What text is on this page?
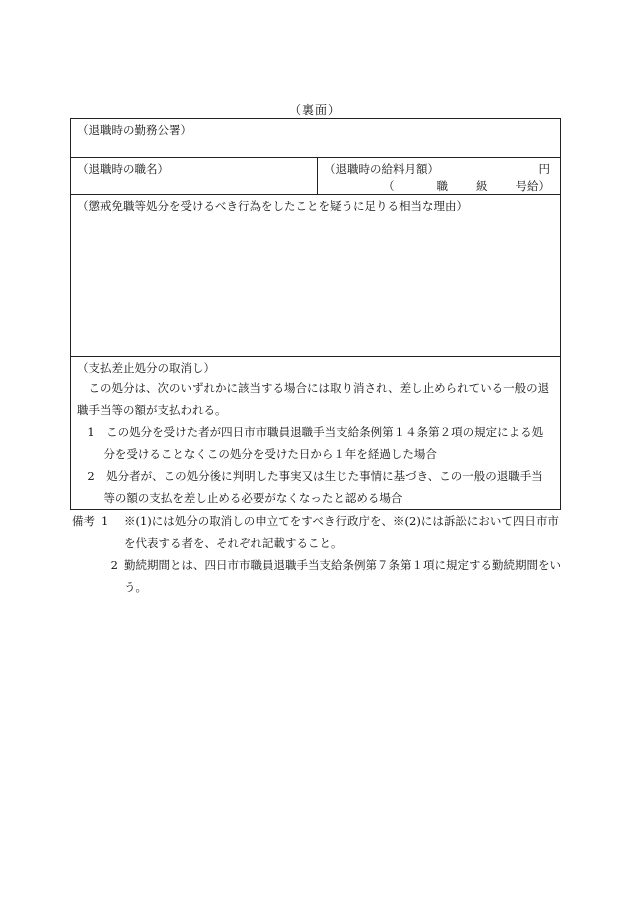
（裏面）
（退職時の勤務公署）

（退職時の職名）	（退職時の給料月額）	円
（	職 級 号給）

（懲戒免職等処分を受けるべき行為をしたことを疑うに足りる相当な理由）

（支払差止処分の取消し）

この処分は、次のいずれかに該当する場合には取り消され、差し止められている一般の退職手当等の額が支払われる。

1　 この処分を受けた者が四日市市職員退職手当支給条例第１４条第２項の規定による処分を受けることなくこの処分を受けた日から１年を経過した場合

2　 処分者が、この処分後に判明した事実又は生じた事情に基づき、この一般の退職手当等の額の支払を差し止める必要がなくなったと認める場合

備考 1	※(1)には処分の取消しの申立てをすべき行政庁を、※(2)には訴訟において四日市市を代表する者を、それぞれ記載すること。
2 勤続期間とは、四日市市職員退職手当支給条例第７条第１項に規定する勤続期間をいう。
